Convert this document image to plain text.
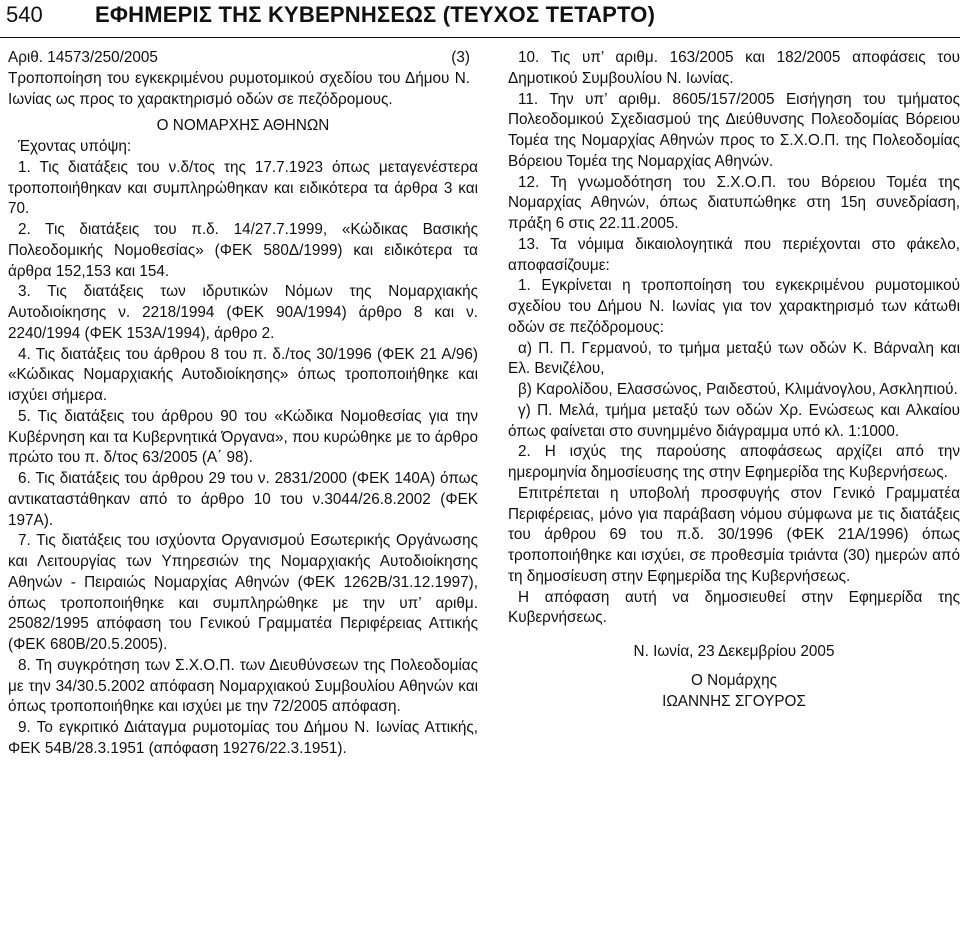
540 ΕΦΗΜΕΡΙΣ ΤΗΣ ΚΥΒΕΡΝΗΣΕΩΣ (ΤΕΥΧΟΣ ΤΕΤΑΡΤΟ)

Αριθ. 14573/250/2005	(3)

Τροποποίηση του εγκεκριμένου ρυμοτομικού σχεδίου του Δήμου Ν. Ιωνίας ως προς το χαρακτηρισμό οδών σε πεζόδρομους.

Ο ΝΟΜΑΡΧΗΣ ΑΘΗΝΩΝ

Έχοντας υπόψη:

1. Τις διατάξεις του ν.δ/τος της 17.7.1923 όπως μεταγενέστερα τροποποιήθηκαν και συμπληρώθηκαν και ειδικότερα τα άρθρα 3 και 70.

2. Τις διατάξεις του π.δ. 14/27.7.1999, «Κώδικας Βασικής Πολεοδομικής Νομοθεσίας» (ΦΕΚ 580Δ/1999) και ειδικότερα τα άρθρα 152,153 και 154.

3. Τις διατάξεις των ιδρυτικών Νόμων της Νομαρχιακής Αυτοδιοίκησης ν. 2218/1994 (ΦΕΚ 90Α/1994) άρθρο 8 και ν. 2240/1994 (ΦΕΚ 153Α/1994), άρθρο 2.

4. Τις διατάξεις του άρθρου 8 του π. δ./τος 30/1996 (ΦΕΚ 21 Α/96) «Κώδικας Νομαρχιακής Αυτοδιοίκησης» όπως τροποποιήθηκε και ισχύει σήμερα.

5. Τις διατάξεις του άρθρου 90 του «Κώδικα Νομοθεσίας για την Κυβέρνηση και τα Κυβερνητικά Όργανα», που κυρώθηκε με το άρθρο πρώτο του π. δ/τος 63/2005 (Α΄ 98).

6. Τις διατάξεις του άρθρου 29 του ν. 2831/2000 (ΦΕΚ 140Α) όπως αντικαταστάθηκαν από το άρθρο 10 του ν.3044/26.8.2002 (ΦΕΚ 197Α).

7. Τις διατάξεις του ισχύοντα Οργανισμού Εσωτερικής Οργάνωσης και Λειτουργίας των Υπηρεσιών της Νομαρχιακής Αυτοδιοίκησης Αθηνών - Πειραιώς Νομαρχίας Αθηνών (ΦΕΚ 1262Β/31.12.1997), όπως τροποποιήθηκε και συμπληρώθηκε με την υπ’ αριθμ. 25082/1995 απόφαση του Γενικού Γραμματέα Περιφέρειας Αττικής (ΦΕΚ 680Β/20.5.2005).

8. Τη συγκρότηση των Σ.Χ.Ο.Π. των Διευθύνσεων της Πολεοδομίας με την 34/30.5.2002 απόφαση Νομαρχιακού Συμβουλίου Αθηνών και όπως τροποποιήθηκε και ισχύει με την 72/2005 απόφαση.

9. Το εγκριτικό Διάταγμα ρυμοτομίας του Δήμου Ν. Ιωνίας Αττικής, ΦΕΚ 54Β/28.3.1951 (απόφαση 19276/22.3.1951).

10. Τις υπ’ αριθμ. 163/2005 και 182/2005 αποφάσεις του Δημοτικού Συμβουλίου Ν. Ιωνίας.

11. Την υπ’ αριθμ. 8605/157/2005 Εισήγηση του τμήματος Πολεοδομικού Σχεδιασμού της Διεύθυνσης Πολεοδομίας Βόρειου Τομέα της Νομαρχίας Αθηνών προς το Σ.Χ.Ο.Π. της Πολεοδομίας Βόρειου Τομέα της Νομαρχίας Αθηνών.

12. Τη γνωμοδότηση του Σ.Χ.Ο.Π. του Βόρειου Τομέα της Νομαρχίας Αθηνών, όπως διατυπώθηκε στη 15η συνεδρίαση, πράξη 6 στις 22.11.2005.

13. Τα νόμιμα δικαιολογητικά που περιέχονται στο φάκελο, αποφασίζουμε:

1. Εγκρίνεται η τροποποίηση του εγκεκριμένου ρυμοτομικού σχεδίου του Δήμου Ν. Ιωνίας για τον χαρακτηρισμό των κάτωθι οδών σε πεζόδρομους:

α) Π. Π. Γερμανού, το τμήμα μεταξύ των οδών Κ. Βάρναλη και Ελ. Βενιζέλου,

β) Καρολίδου, Ελασσώνος, Ραιδεστού, Κλιμάνογλου, Ασκληπιού.

γ) Π. Μελά, τμήμα μεταξύ των οδών Χρ. Ενώσεως και Αλκαίου όπως φαίνεται στο συνημμένο διάγραμμα υπό κλ. 1:1000.

2. Η ισχύς της παρούσης αποφάσεως αρχίζει από την ημερομηνία δημοσίευσης της στην Εφημερίδα της Κυβερνήσεως.

Επιτρέπεται η υποβολή προσφυγής στον Γενικό Γραμματέα Περιφέρειας, μόνο για παράβαση νόμου σύμφωνα με τις διατάξεις του άρθρου 69 του π.δ. 30/1996 (ΦΕΚ 21Α/1996) όπως τροποποιήθηκε και ισχύει, σε προθεσμία τριάντα (30) ημερών από τη δημοσίευση στην Εφημερίδα της Κυβερνήσεως.

Η απόφαση αυτή να δημοσιευθεί στην Εφημερίδα της Κυβερνήσεως.

Ν. Ιωνία, 23 Δεκεμβρίου 2005

Ο Νομάρχης

ΙΩΑΝΝΗΣ ΣΓΟΥΡΟΣ
